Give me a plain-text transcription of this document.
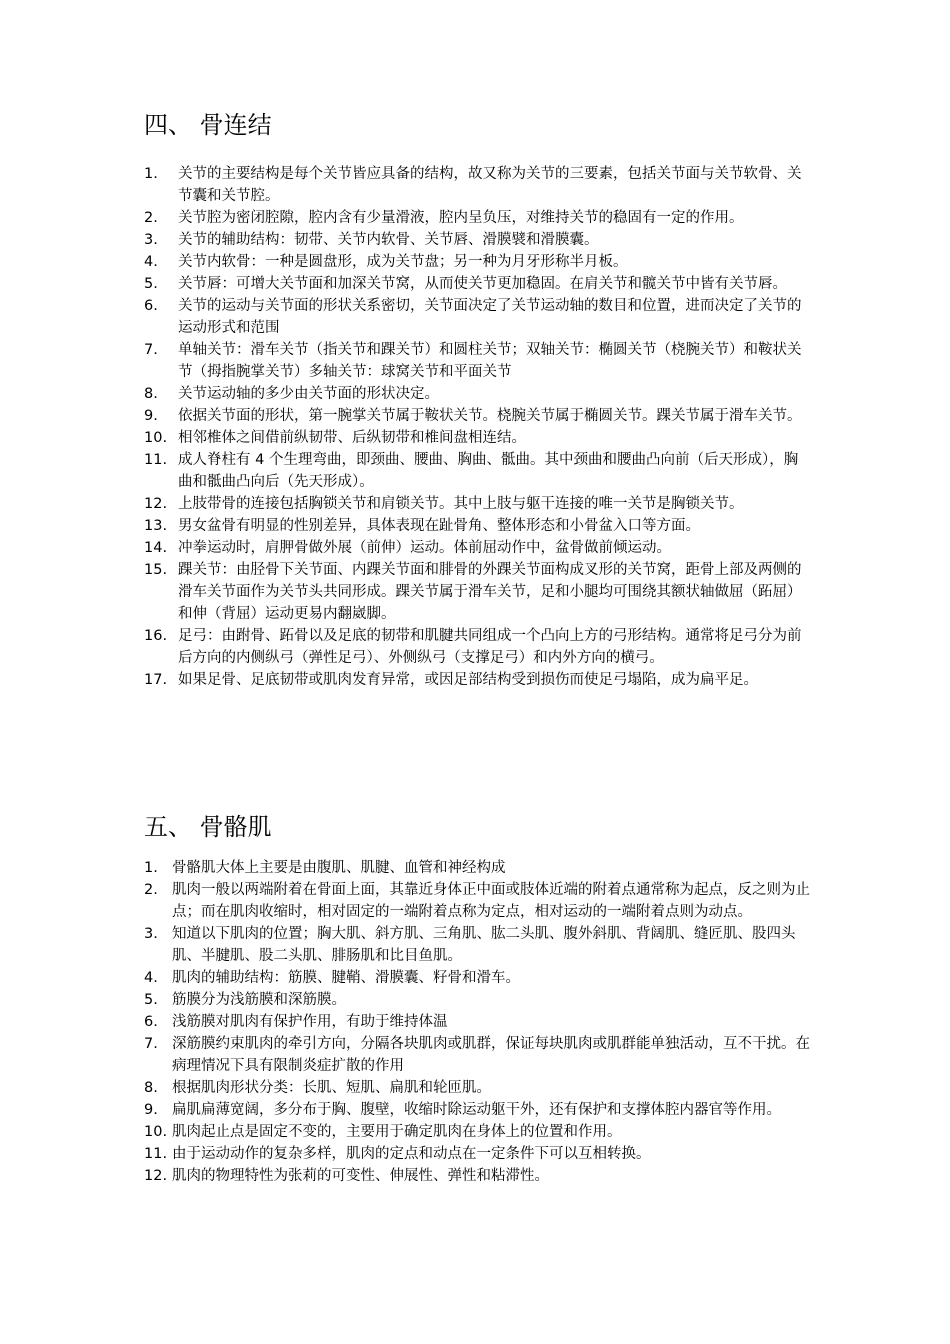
四、 骨连结
1. 关节的主要结构是每个关节皆应具备的结构，故又称为关节的三要素，包括关节面与关节软骨、关节囊和关节腔。
2. 关节腔为密闭腔隙，腔内含有少量滑液，腔内呈负压，对维持关节的稳固有一定的作用。
3. 关节的辅助结构：韧带、关节内软骨、关节唇、滑膜襞和滑膜囊。
4. 关节内软骨：一种是圆盘形，成为关节盘；另一种为月牙形称半月板。
5. 关节唇：可增大关节面和加深关节窝，从而使关节更加稳固。在肩关节和髋关节中皆有关节唇。
6. 关节的运动与关节面的形状关系密切，关节面决定了关节运动轴的数目和位置，进而决定了关节的运动形式和范围
7. 单轴关节：滑车关节（指关节和踝关节）和圆柱关节；双轴关节：椭圆关节（桡腕关节）和鞍状关节（拇指腕掌关节）多轴关节：球窝关节和平面关节
8. 关节运动轴的多少由关节面的形状决定。
9. 依据关节面的形状，第一腕掌关节属于鞍状关节。桡腕关节属于椭圆关节。踝关节属于滑车关节。
10. 相邻椎体之间借前纵韧带、后纵韧带和椎间盘相连结。
11. 成人脊柱有 4 个生理弯曲，即颈曲、腰曲、胸曲、骶曲。其中颈曲和腰曲凸向前（后天形成），胸曲和骶曲凸向后（先天形成）。
12. 上肢带骨的连接包括胸锁关节和肩锁关节。其中上肢与躯干连接的唯一关节是胸锁关节。
13. 男女盆骨有明显的性别差异，具体表现在趾骨角、整体形态和小骨盆入口等方面。
14. 冲拳运动时，肩胛骨做外展（前伸）运动。体前屈动作中，盆骨做前倾运动。
15. 踝关节：由胫骨下关节面、内踝关节面和腓骨的外踝关节面构成叉形的关节窝，距骨上部及两侧的滑车关节面作为关节头共同形成。踝关节属于滑车关节，足和小腿均可围绕其额状轴做屈（跖屈）和伸（背屈）运动更易内翻崴脚。
16. 足弓：由跗骨、跖骨以及足底的韧带和肌腱共同组成一个凸向上方的弓形结构。通常将足弓分为前后方向的内侧纵弓（弹性足弓）、外侧纵弓（支撑足弓）和内外方向的横弓。
17. 如果足骨、足底韧带或肌肉发育异常，或因足部结构受到损伤而使足弓塌陷，成为扁平足。
五、 骨骼肌
1. 骨骼肌大体上主要是由腹肌、肌腱、血管和神经构成
2. 肌肉一般以两端附着在骨面上面，其靠近身体正中面或肢体近端的附着点通常称为起点，反之则为止点；而在肌肉收缩时，相对固定的一端附着点称为定点，相对运动的一端附着点则为动点。
3. 知道以下肌肉的位置；胸大肌、斜方肌、三角肌、肱二头肌、腹外斜肌、背阔肌、缝匠肌、股四头肌、半腱肌、股二头肌、腓肠肌和比目鱼肌。
4. 肌肉的辅助结构：筋膜、腱鞘、滑膜囊、籽骨和滑车。
5. 筋膜分为浅筋膜和深筋膜。
6. 浅筋膜对肌肉有保护作用，有助于维持体温
7. 深筋膜约束肌肉的牵引方向，分隔各块肌肉或肌群，保证每块肌肉或肌群能单独活动，互不干扰。在病理情况下具有限制炎症扩散的作用
8. 根据肌肉形状分类：长肌、短肌、扁肌和轮匝肌。
9. 扁肌扁薄宽阔，多分布于胸、腹壁，收缩时除运动躯干外，还有保护和支撑体腔内器官等作用。
10. 肌肉起止点是固定不变的，主要用于确定肌肉在身体上的位置和作用。
11. 由于运动动作的复杂多样，肌肉的定点和动点在一定条件下可以互相转换。
12. 肌肉的物理特性为张莉的可变性、伸展性、弹性和粘滞性。
